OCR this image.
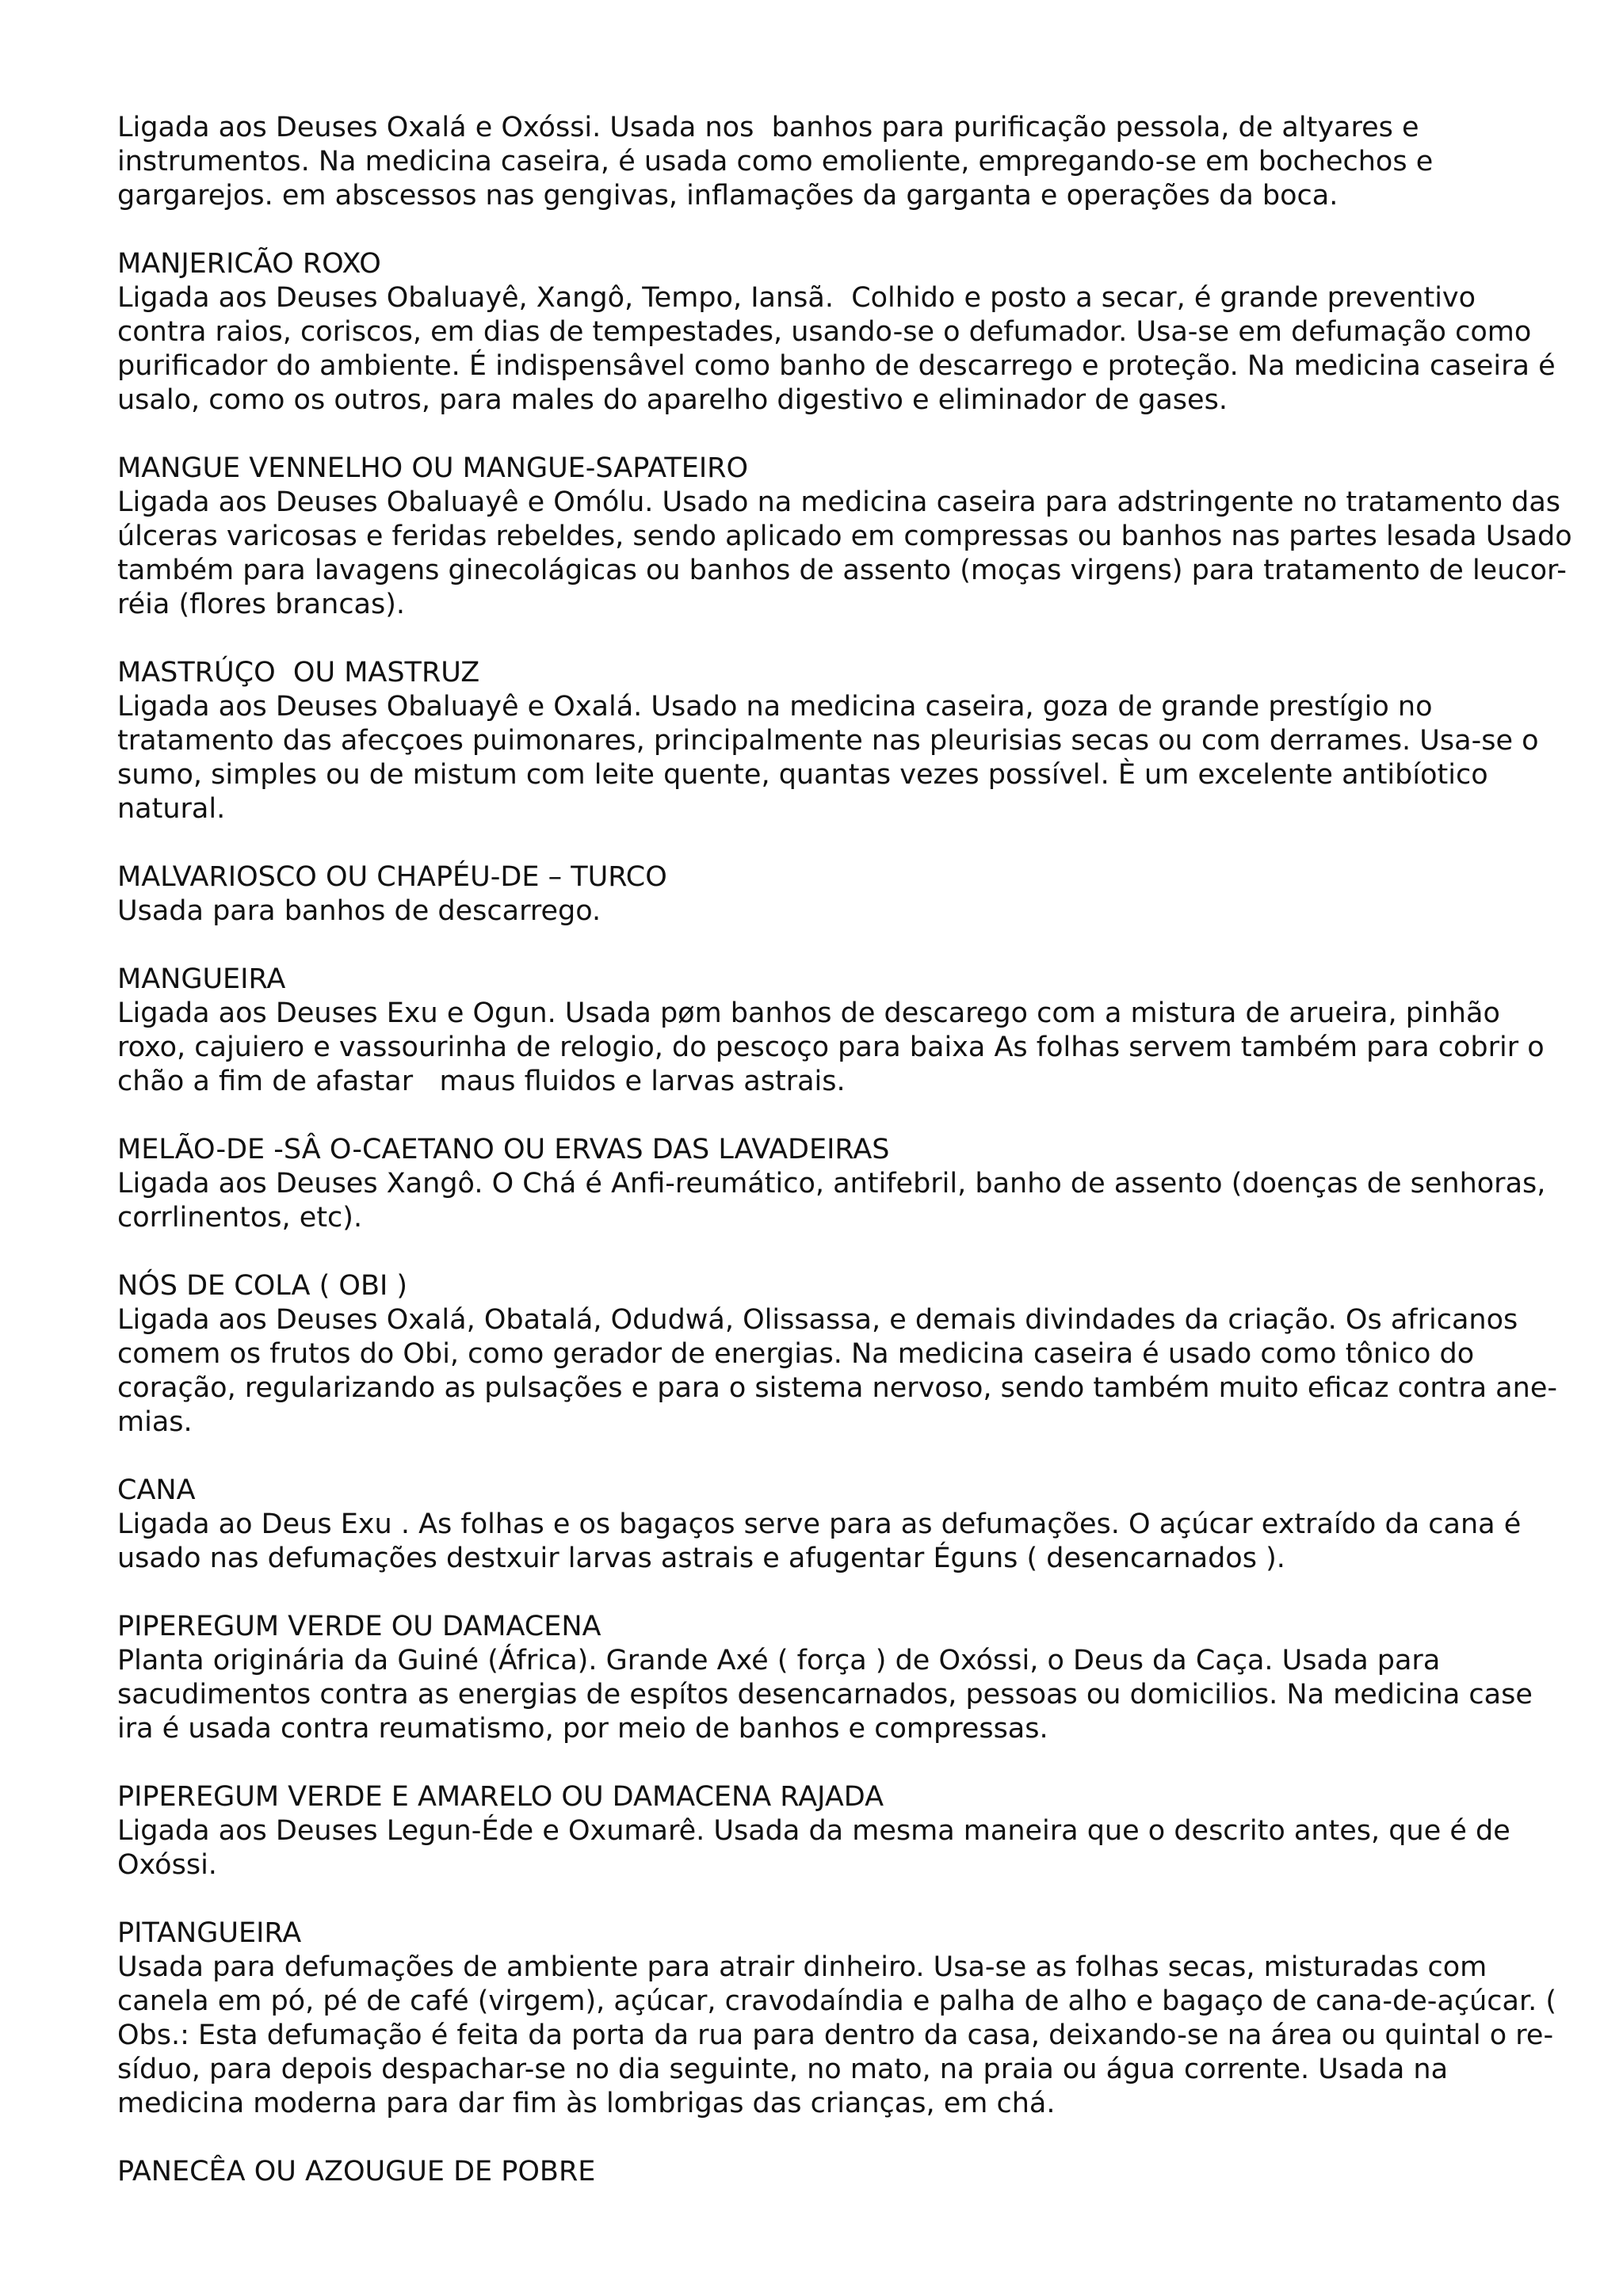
Ligada aos Deuses Oxalá e Oxóssi. Usada nos  banhos para purificação pessola, de altyares e
instrumentos. Na medicina caseira, é usada como emoliente, empregando-se em bochechos e
gargarejos. em abscessos nas gengivas, inflamações da garganta e operações da boca.
MANJERICÃO ROXO
Ligada aos Deuses Obaluayê, Xangô, Tempo, Iansã.  Colhido e posto a secar, é grande preventivo
contra raios, coriscos, em dias de tempestades, usando-se o defumador. Usa-se em defumação como
purificador do ambiente. É indispensâvel como banho de descarrego e proteção. Na medicina caseira é
usalo, como os outros, para males do aparelho digestivo e eliminador de gases.
MANGUE VENNELHO OU MANGUE-SAPATEIRO
Ligada aos Deuses Obaluayê e Omólu. Usado na medicina caseira para adstringente no tratamento das
úlceras varicosas e feridas rebeldes, sendo aplicado em compressas ou banhos nas partes lesada Usado
também para lavagens ginecolágicas ou banhos de assento (moças virgens) para tratamento de leucor-
réia (flores brancas).
MASTRÚÇO  OU MASTRUZ
Ligada aos Deuses Obaluayê e Oxalá. Usado na medicina caseira, goza de grande prestígio no
tratamento das afecçoes puimonares, principalmente nas pleurisias secas ou com derrames. Usa-se o
sumo, simples ou de mistum com leite quente, quantas vezes possível. È um excelente antibíotico
natural.
MALVARIOSCO OU CHAPÉU-DE – TURCO
Usada para banhos de descarrego.
MANGUEIRA
Ligada aos Deuses Exu e Ogun. Usada pøm banhos de descarego com a mistura de arueira, pinhão
roxo, cajuiero e vassourinha de relogio, do pescoço para baixa As folhas servem também para cobrir o
chão a fim de afastar   maus fluidos e larvas astrais.
MELÃO-DE -SÂ O-CAETANO OU ERVAS DAS LAVADEIRAS
Ligada aos Deuses Xangô. O Chá é Anfi-reumático, antifebril, banho de assento (doenças de senhoras,
corrlinentos, etc).
NÓS DE COLA ( OBI )
Ligada aos Deuses Oxalá, Obatalá, Odudwá, Olissassa, e demais divindades da criação. Os africanos
comem os frutos do Obi, como gerador de energias. Na medicina caseira é usado como tônico do
coração, regularizando as pulsações e para o sistema nervoso, sendo também muito eficaz contra ane-
mias.
CANA
Ligada ao Deus Exu . As folhas e os bagaços serve para as defumações. O açúcar extraído da cana é
usado nas defumações destxuir larvas astrais e afugentar Éguns ( desencarnados ).
PIPEREGUM VERDE OU DAMACENA
Planta originária da Guiné (África). Grande Axé ( força ) de Oxóssi, o Deus da Caça. Usada para
sacudimentos contra as energias de espítos desencarnados, pessoas ou domicilios. Na medicina case
ira é usada contra reumatismo, por meio de banhos e compressas.
PIPEREGUM VERDE E AMARELO OU DAMACENA RAJADA
Ligada aos Deuses Legun-Éde e Oxumarê. Usada da mesma maneira que o descrito antes, que é de
Oxóssi.
PITANGUEIRA
Usada para defumações de ambiente para atrair dinheiro. Usa-se as folhas secas, misturadas com
canela em pó, pé de café (virgem), açúcar, cravodaíndia e palha de alho e bagaço de cana-de-açúcar. (
Obs.: Esta defumação é feita da porta da rua para dentro da casa, deixando-se na área ou quintal o re-
síduo, para depois despachar-se no dia seguinte, no mato, na praia ou água corrente. Usada na
medicina moderna para dar fim às lombrigas das crianças, em chá.
PANECÊA OU AZOUGUE DE POBRE
